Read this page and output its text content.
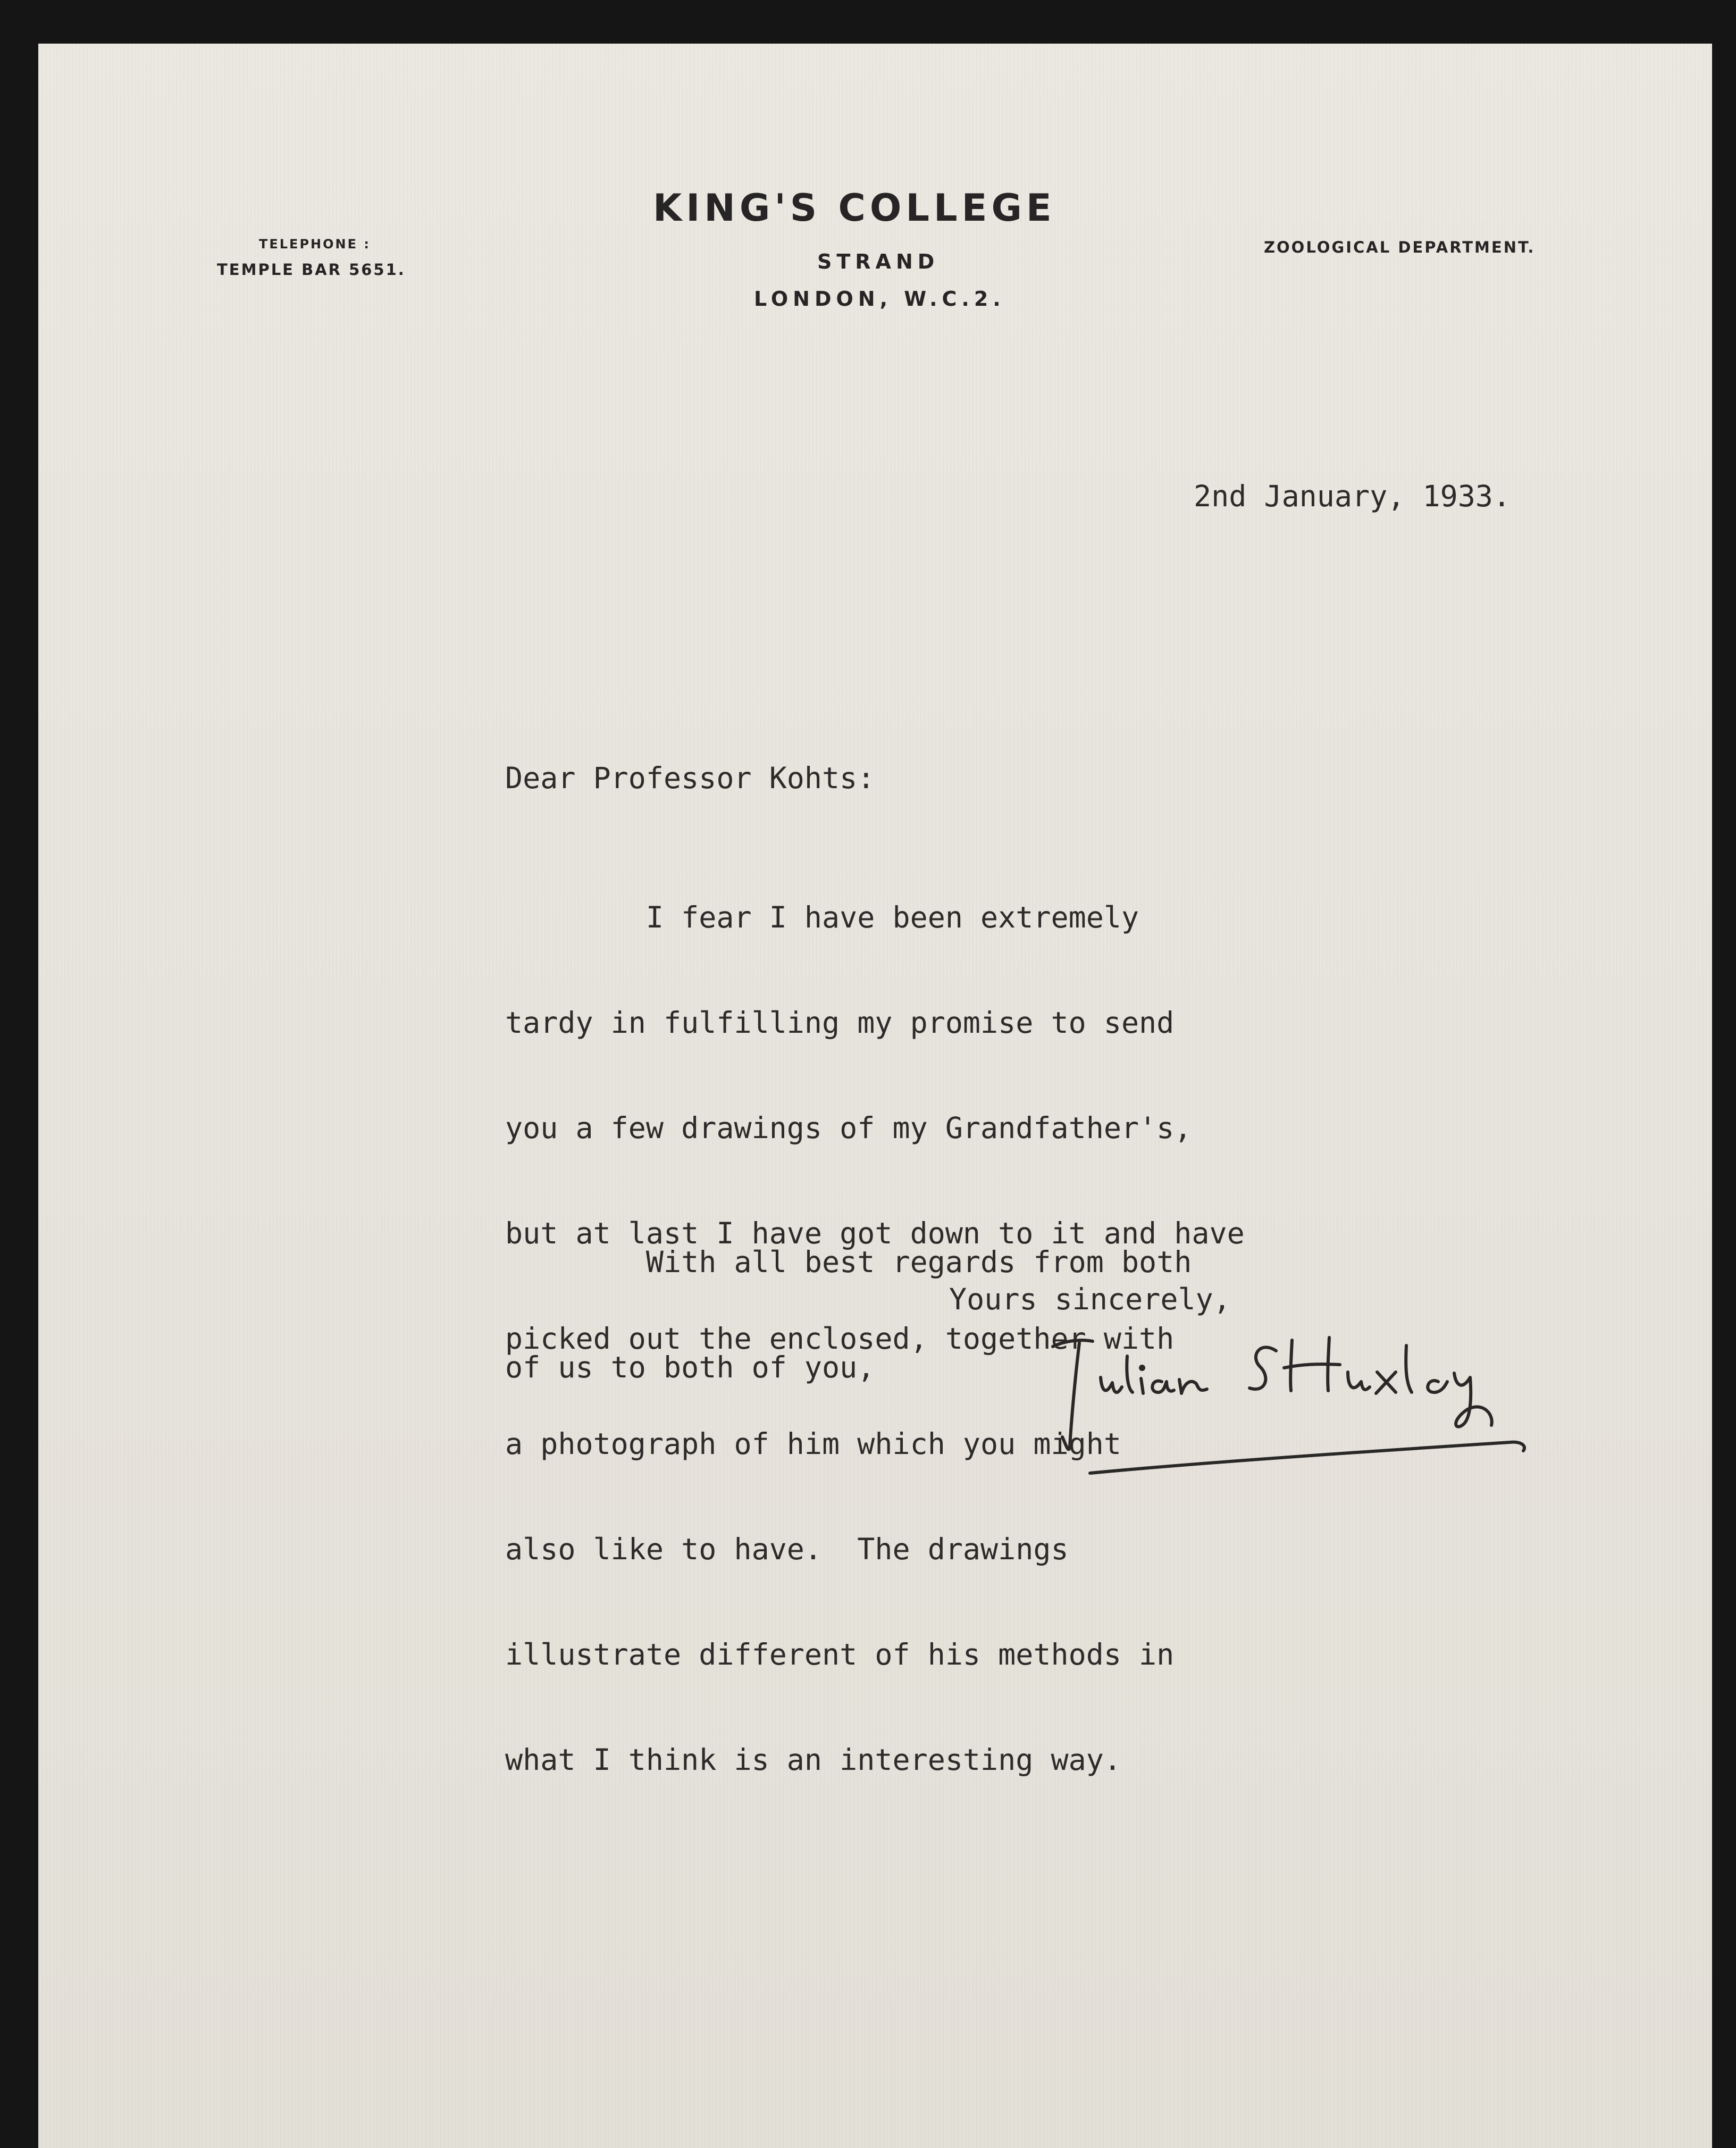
KING'S COLLEGE
STRAND
LONDON, W.C.2.
TELEPHONE :
TEMPLE BAR 5651.
ZOOLOGICAL DEPARTMENT.
2nd January, 1933.
Dear Professor Kohts:

I fear I have been extremely

tardy in fulfilling my promise to send

you a few drawings of my Grandfather's,

but at last I have got down to it and have

picked out the enclosed, together with

a photograph of him which you might

also like to have.  The drawings

illustrate different of his methods in

what I think is an interesting way.

With all best regards from both

of us to both of you,

Yours sincerely,
